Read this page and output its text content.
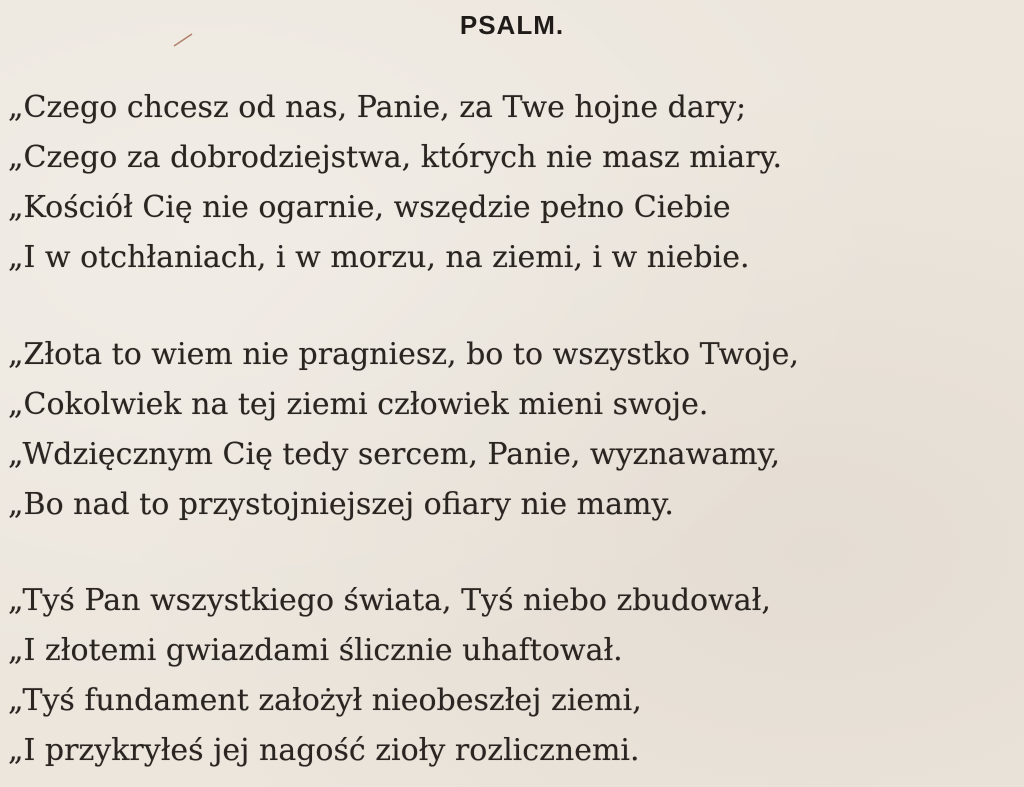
PSALM.
„Czego chcesz od nas, Panie, za Twe hojne dary;
„Czego za dobrodziejstwa, których nie masz miary.
„Kościół Cię nie ogarnie, wszędzie pełno Ciebie
„I w otchłaniach, i w morzu, na ziemi, i w niebie.
„Złota to wiem nie pragniesz, bo to wszystko Twoje,
„Cokolwiek na tej ziemi człowiek mieni swoje.
„Wdzięcznym Cię tedy sercem, Panie, wyznawamy,
„Bo nad to przystojniejszej ofiary nie mamy.
„Tyś Pan wszystkiego świata, Tyś niebo zbudował,
„I złotemi gwiazdami ślicznie uhaftował.
„Tyś fundament założył nieobeszłej ziemi,
„I przykryłeś jej nagość zioły rozlicznemi.
